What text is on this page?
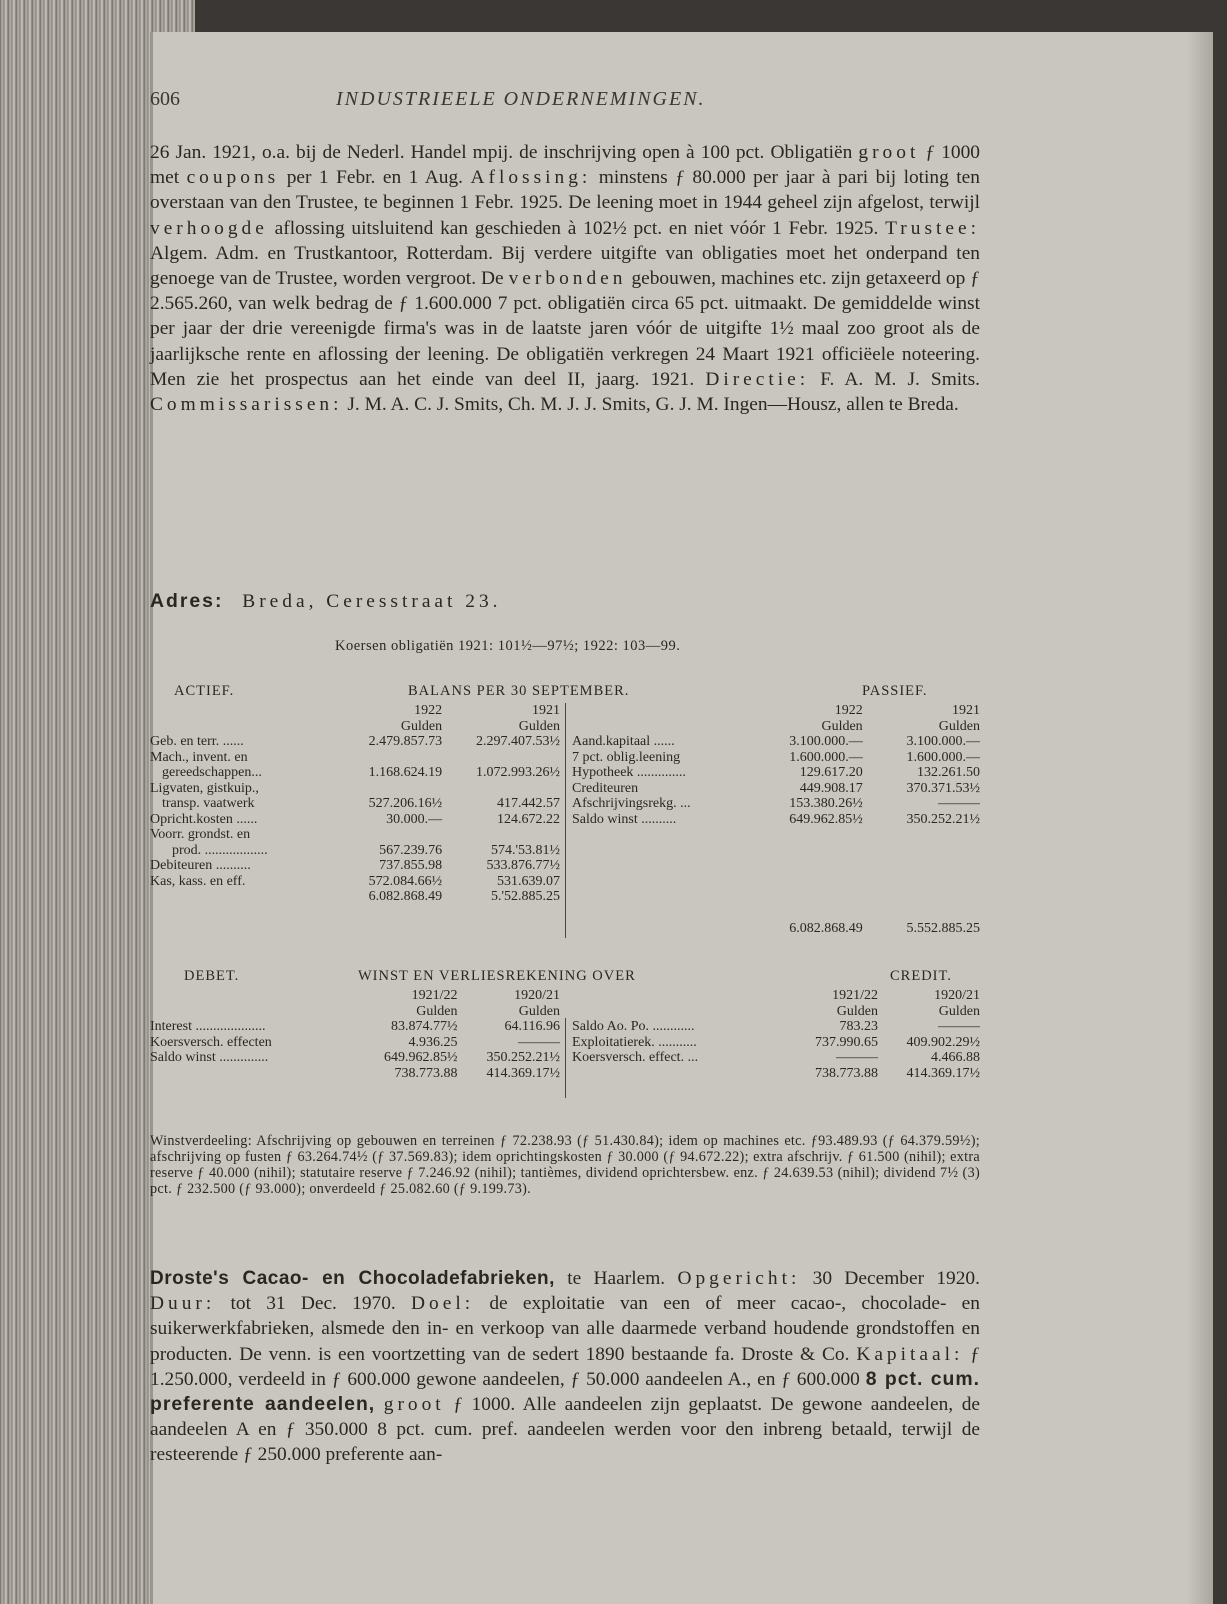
606	INDUSTRIEELE ONDERNEMINGEN.
26 Jan. 1921, o.a. bij de Nederl. Handel mpij. de inschrijving open à 100 pct. Obligatiën groot ƒ 1000 met coupons per 1 Febr. en 1 Aug. Aflossing: minstens ƒ 80.000 per jaar à pari bij loting ten overstaan van den Trustee, te beginnen 1 Febr. 1925. De leening moet in 1944 geheel zijn afgelost, terwijl verhoogde aflossing uitsluitend kan geschieden à 102½ pct. en niet vóór 1 Febr. 1925. Trustee: Algem. Adm. en Trustkantoor, Rotterdam. Bij verdere uitgifte van obligaties moet het onderpand ten genoege van de Trustee, worden vergroot. De verbonden gebouwen, machines etc. zijn getaxeerd op ƒ 2.565.260, van welk bedrag de ƒ 1.600.000 7 pct. obligatiën circa 65 pct. uitmaakt. De gemiddelde winst per jaar der drie vereenigde firma's was in de laatste jaren vóór de uitgifte 1½ maal zoo groot als de jaarlijksche rente en aflossing der leening. De obligatiën verkregen 24 Maart 1921 officiëele noteering. Men zie het prospectus aan het einde van deel II, jaarg. 1921. Directie: F. A. M. J. Smits. Commissarissen: J. M. A. C. J. Smits, Ch. M. J. J. Smits, G. J. M. Ingen—Housz, allen te Breda.
Adres: Breda, Ceresstraat 23.
Koersen obligatiën 1921: 101½—97½; 1922: 103—99.
ACTIEF.	BALANS PER 30 SEPTEMBER.	PASSIEF.
	1922	1921
	Gulden	Gulden
Geb. en terr. ......	2.479.857.73	2.297.407.53½
Mach., invent. en		
gereedschappen...	1.168.624.19	1.072.993.26½
Ligvaten, gistkuip.,		
transp. vaatwerk	527.206.16½	417.442.57
Opricht.kosten ......	30.000.—	124.672.22
Voorr. grondst. en		
prod. ..................	567.239.76	574.'53.81½
Debiteuren ..........	737.855.98	533.876.77½
Kas, kass. en eff.	572.084.66½	531.639.07
	6.082.868.49	5.'52.885.25
	1922	1921
	Gulden	Gulden
Aand.kapitaal ......	3.100.000.—	3.100.000.—
7 pct. oblig.leening	1.600.000.—	1.600.000.—
Hypotheek ..............	129.617.20	132.261.50
Crediteuren	449.908.17	370.371.53½
Afschrijvingsrekg. ...	153.380.26½	———
Saldo winst ..........	649.962.85½	350.252.21½
	6.082.868.49	5.552.885.25
DEBET.	WINST EN VERLIESREKENING OVER	CREDIT.
	1921/22	1920/21
	Gulden	Gulden
Interest ....................	83.874.77½	64.116.96
Koersversch. effecten	4.936.25	———
Saldo winst ..............	649.962.85½	350.252.21½
	738.773.88	414.369.17½
	1921/22	1920/21
	Gulden	Gulden
Saldo Ao. Po. ............	783.23	———
Exploitatierek. ...........	737.990.65	409.902.29½
Koersversch. effect. ...	———	4.466.88
	738.773.88	414.369.17½
Winstverdeeling: Afschrijving op gebouwen en terreinen ƒ 72.238.93 (ƒ 51.430.84); idem op machines etc. ƒ93.489.93 (ƒ 64.379.59½); afschrijving op fusten ƒ 63.264.74½ (ƒ 37.569.83); idem oprichtingskosten ƒ 30.000 (ƒ 94.672.22); extra afschrijv. ƒ 61.500 (nihil); extra reserve ƒ 40.000 (nihil); statutaire reserve ƒ 7.246.92 (nihil); tantièmes, dividend oprichtersbew. enz. ƒ 24.639.53 (nihil); dividend 7½ (3) pct. ƒ 232.500 (ƒ 93.000); onverdeeld ƒ 25.082.60 (ƒ 9.199.73).
Droste's Cacao- en Chocoladefabrieken, te Haarlem. Opgericht: 30 December 1920. Duur: tot 31 Dec. 1970. Doel: de exploitatie van een of meer cacao-, chocolade- en suikerwerkfabrieken, alsmede den in- en verkoop van alle daarmede verband houdende grondstoffen en producten. De venn. is een voortzetting van de sedert 1890 bestaande fa. Droste & Co. Kapitaal: ƒ 1.250.000, verdeeld in ƒ 600.000 gewone aandeelen, ƒ 50.000 aandeelen A., en ƒ 600.000 8 pct. cum. preferente aandeelen, groot ƒ 1000. Alle aandeelen zijn geplaatst. De gewone aandeelen, de aandeelen A en ƒ 350.000 8 pct. cum. pref. aandeelen werden voor den inbreng betaald, terwijl de resteerende ƒ 250.000 preferente aan-
